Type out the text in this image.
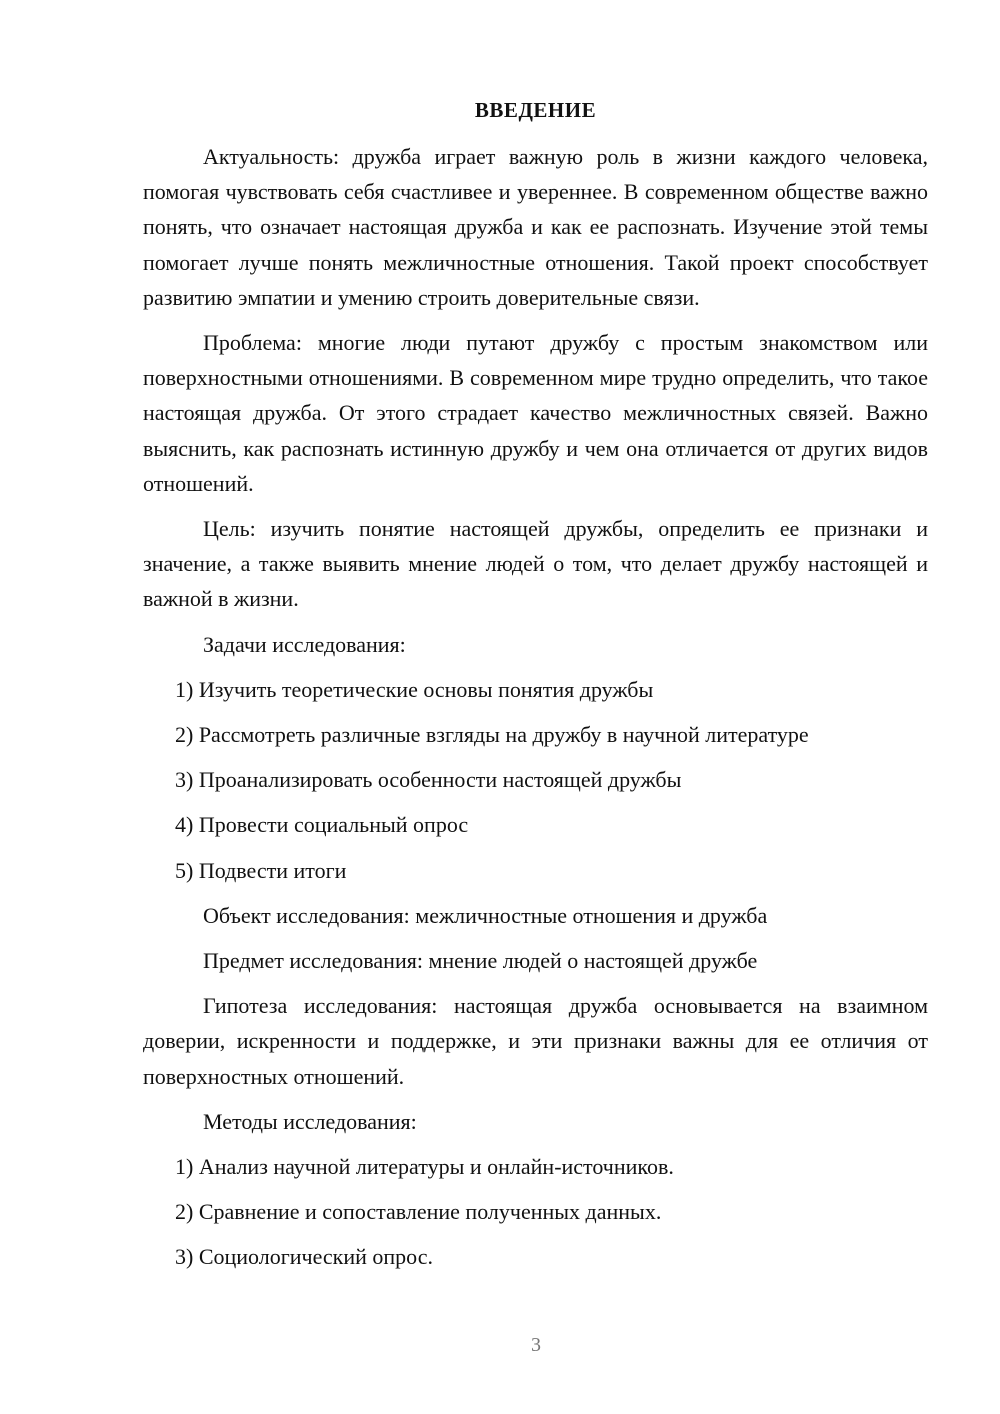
ВВЕДЕНИЕ

Актуальность: дружба играет важную роль в жизни каждого человека, помогая чувствовать себя счастливее и увереннее. В современном обществе важно понять, что означает настоящая дружба и как ее распознать. Изучение этой темы помогает лучше понять межличностные отношения. Такой проект способствует развитию эмпатии и умению строить доверительные связи.

Проблема: многие люди путают дружбу с простым знакомством или поверхностными отношениями. В современном мире трудно определить, что такое настоящая дружба. От этого страдает качество межличностных связей. Важно выяснить, как распознать истинную дружбу и чем она отличается от других видов отношений.

Цель: изучить понятие настоящей дружбы, определить ее признаки и значение, а также выявить мнение людей о том, что делает дружбу настоящей и важной в жизни.

Задачи исследования:

1) Изучить теоретические основы понятия дружбы
2) Рассмотреть различные взгляды на дружбу в научной литературе
3) Проанализировать особенности настоящей дружбы
4) Провести социальный опрос
5) Подвести итоги

Объект исследования: межличностные отношения и дружба

Предмет исследования: мнение людей о настоящей дружбе

Гипотеза исследования: настоящая дружба основывается на взаимном доверии, искренности и поддержке, и эти признаки важны для ее отличия от поверхностных отношений.

Методы исследования:

1) Анализ научной литературы и онлайн-источников.
2) Сравнение и сопоставление полученных данных.
3) Социологический опрос.
3
